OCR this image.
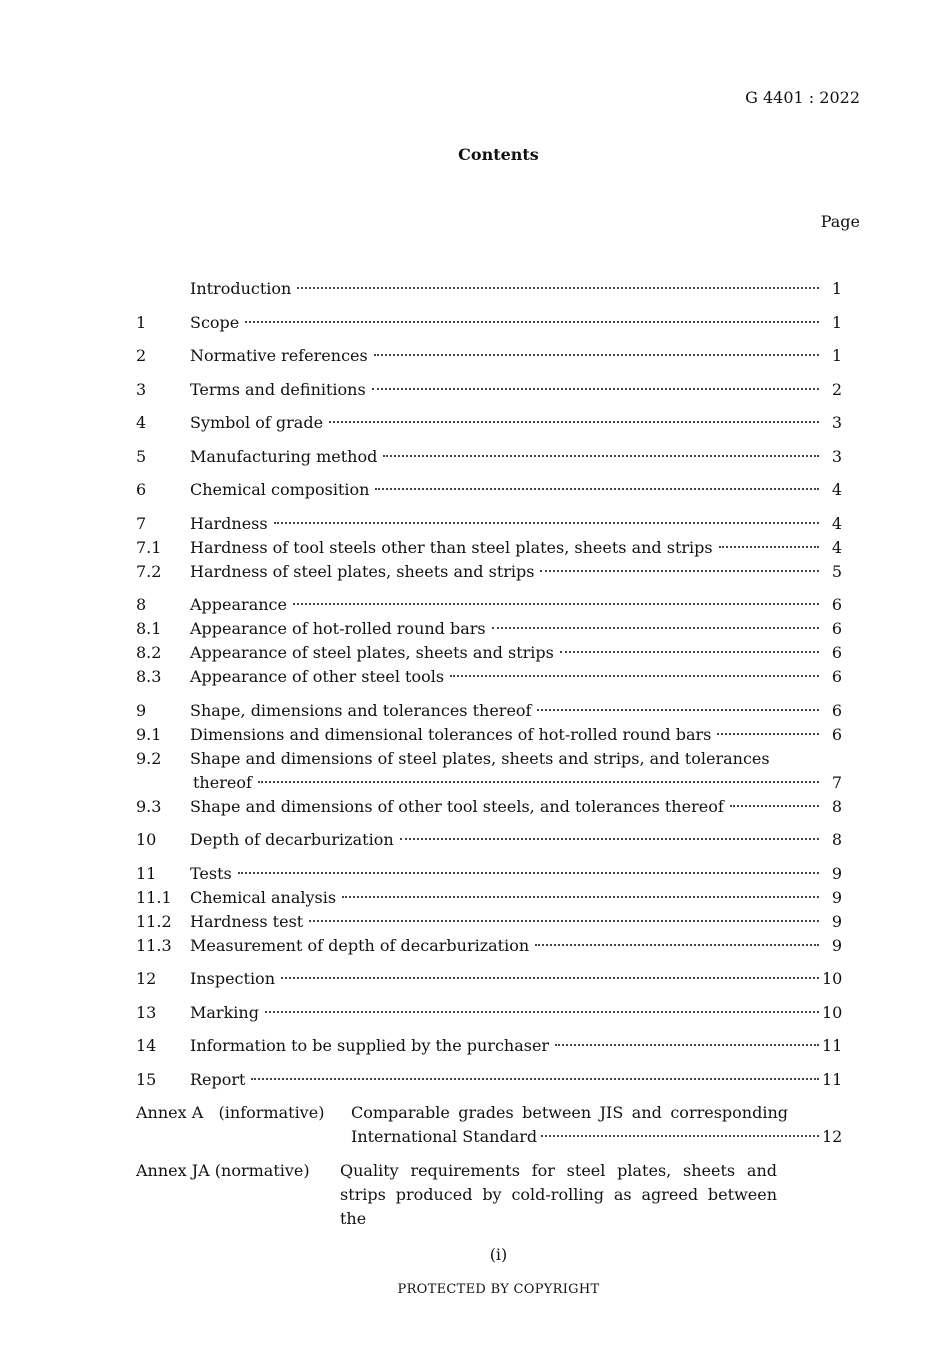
G 4401 : 2022
Contents
Page
Introduction	1
1	Scope	1
2	Normative references	1
3	Terms and definitions	2
4	Symbol of grade	3
5	Manufacturing method	3
6	Chemical composition	4
7	Hardness	4
7.1	Hardness of tool steels other than steel plates, sheets and strips	4
7.2	Hardness of steel plates, sheets and strips	5
8	Appearance	6
8.1	Appearance of hot-rolled round bars	6
8.2	Appearance of steel plates, sheets and strips	6
8.3	Appearance of other steel tools	6
9	Shape, dimensions and tolerances thereof	6
9.1	Dimensions and dimensional tolerances of hot-rolled round bars	6
9.2	Shape and dimensions of steel plates, sheets and strips, and tolerances
thereof	7
9.3	Shape and dimensions of other tool steels, and tolerances thereof	8
10	Depth of decarburization	8
11	Tests	9
11.1	Chemical analysis	9
11.2	Hardness test	9
11.3	Measurement of depth of decarburization	9
12	Inspection	10
13	Marking	10
14	Information to be supplied by the purchaser	11
15	Report	11
Annex A   (informative) Comparable grades between JIS and corresponding
International Standard	12
Annex JA (normative) Quality requirements for steel plates, sheets and
strips produced by cold-rolling as agreed between the
(i)
PROTECTED BY COPYRIGHT
